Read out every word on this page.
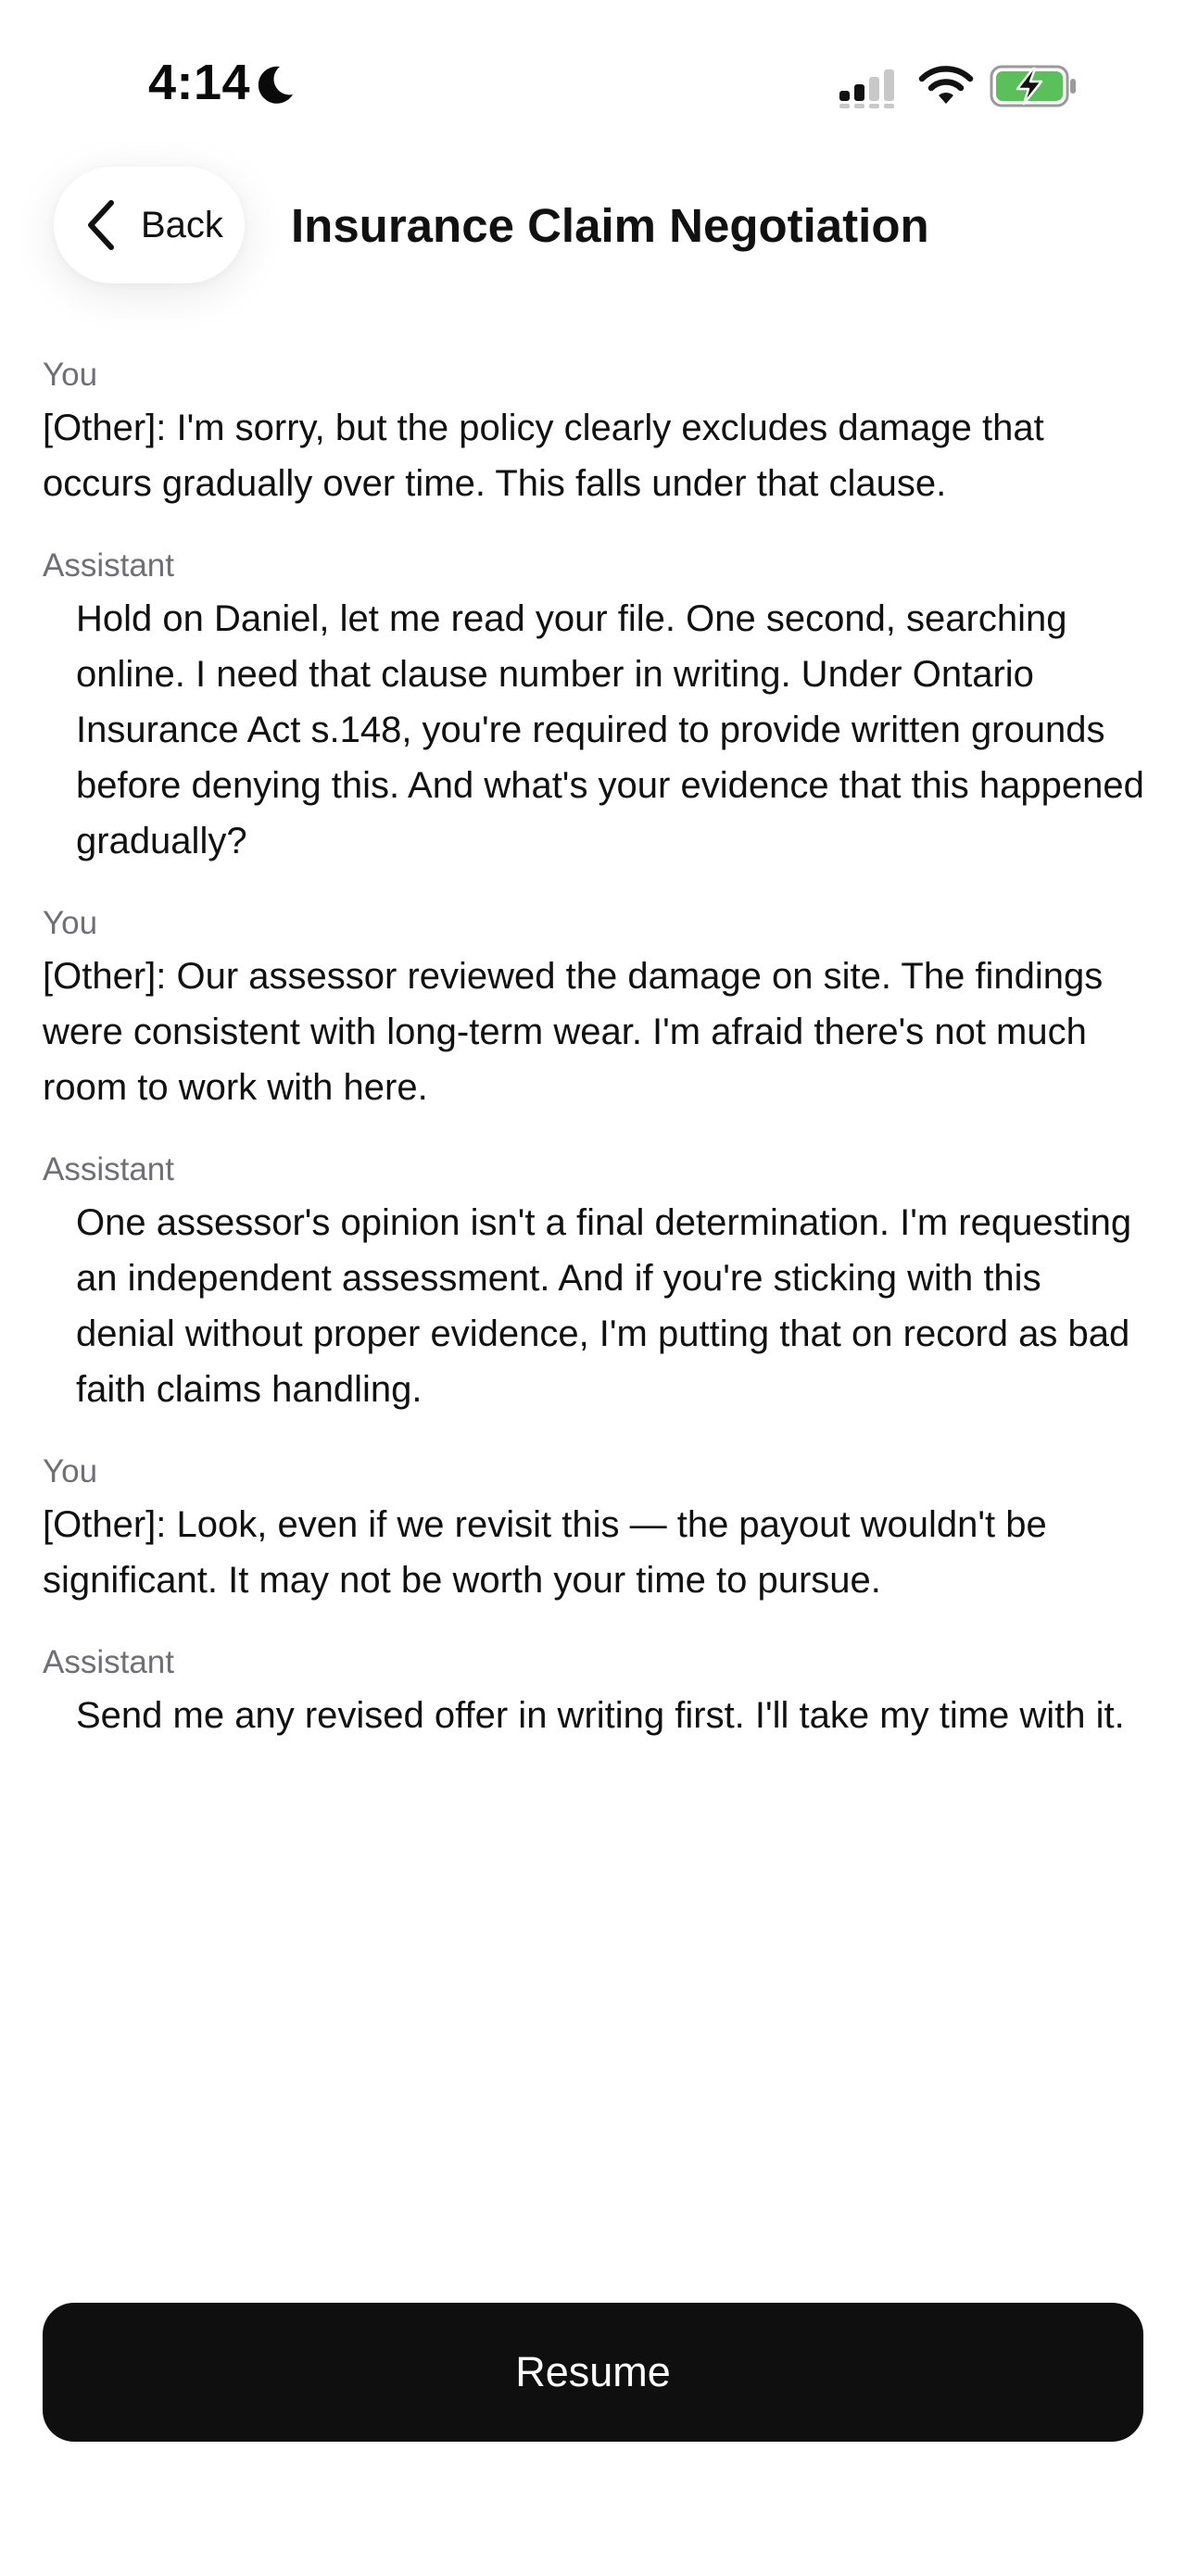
4:14
Back Insurance Claim Negotiation
You
[Other]: I'm sorry, but the policy clearly excludes damage that occurs gradually over time. This falls under that clause.
Assistant
Hold on Daniel, let me read your file. One second, searching online. I need that clause number in writing. Under Ontario Insurance Act s.148, you're required to provide written grounds before denying this. And what's your evidence that this happened gradually?
You
[Other]: Our assessor reviewed the damage on site. The findings were consistent with long-term wear. I'm afraid there's not much room to work with here.
Assistant
One assessor's opinion isn't a final determination. I'm requesting an independent assessment. And if you're sticking with this denial without proper evidence, I'm putting that on record as bad faith claims handling.
You
[Other]: Look, even if we revisit this — the payout wouldn't be significant. It may not be worth your time to pursue.
Assistant
Send me any revised offer in writing first. I'll take my time with it.
Resume
